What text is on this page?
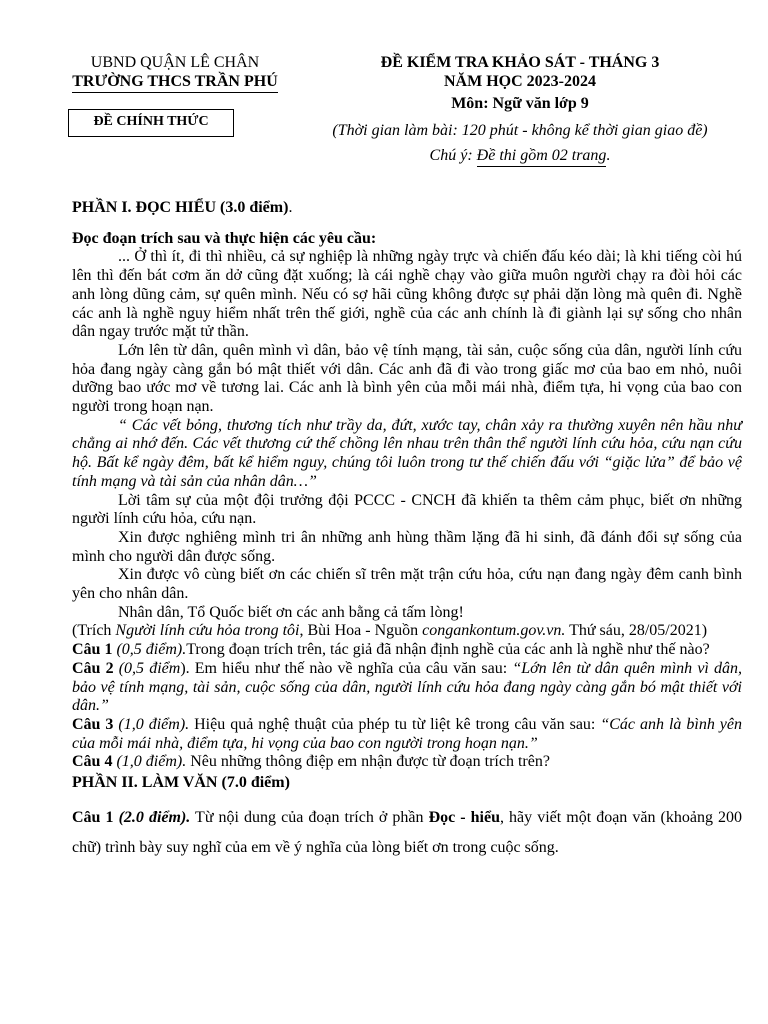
UBND QUẬN LÊ CHÂN
TRƯỜNG THCS TRẦN PHÚ
ĐỀ CHÍNH THỨC
ĐỀ KIỂM TRA KHẢO SÁT - THÁNG 3
NĂM HỌC 2023-2024
Môn: Ngữ văn lớp 9
(Thời gian làm bài: 120 phút - không kể thời gian giao đề)
Chú ý: Đề thi gồm 02 trang.

PHẦN I. ĐỌC HIỂU (3.0 điểm).

Đọc đoạn trích sau và thực hiện các yêu cầu:

... Ở thì ít, đi thì nhiều, cả sự nghiệp là những ngày trực và chiến đấu kéo dài; là khi tiếng còi hú lên thì đến bát cơm ăn dở cũng đặt xuống; là cái nghề chạy vào giữa muôn người chạy ra đòi hỏi các anh lòng dũng cảm, sự quên mình. Nếu có sợ hãi cũng không được sự phải dặn lòng mà quên đi. Nghề các anh là nghề nguy hiểm nhất trên thế giới, nghề của các anh chính là đi giành lại sự sống cho nhân dân ngay trước mặt tử thần.

Lớn lên từ dân, quên mình vì dân, bảo vệ tính mạng, tài sản, cuộc sống của dân, người lính cứu hỏa đang ngày càng gắn bó mật thiết với dân. Các anh đã đi vào trong giấc mơ của bao em nhỏ, nuôi dưỡng bao ước mơ về tương lai. Các anh là bình yên của mỗi mái nhà, điểm tựa, hi vọng của bao con người trong hoạn nạn.

“ Các vết bỏng, thương tích như trầy da, đứt, xước tay, chân xảy ra thường xuyên nên hầu như chẳng ai nhớ đến. Các vết thương cứ thế chồng lên nhau trên thân thể người lính cứu hỏa, cứu nạn cứu hộ. Bất kể ngày đêm, bất kể hiểm nguy, chúng tôi luôn trong tư thế chiến đấu với “giặc lửa” để bảo vệ tính mạng và tài sản của nhân dân…”

Lời tâm sự của một đội trưởng đội PCCC - CNCH đã khiến ta thêm cảm phục, biết ơn những người lính cứu hỏa, cứu nạn.

Xin được nghiêng mình tri ân những anh hùng thầm lặng đã hi sinh, đã đánh đổi sự sống của mình cho người dân được sống.

Xin được vô cùng biết ơn các chiến sĩ trên mặt trận cứu hỏa, cứu nạn đang ngày đêm canh bình yên cho nhân dân.

Nhân dân, Tổ Quốc biết ơn các anh bằng cả tấm lòng!

(Trích Người lính cứu hỏa trong tôi, Bùi Hoa - Nguồn congankontum.gov.vn. Thứ sáu, 28/05/2021)

Câu 1 (0,5 điểm).Trong đoạn trích trên, tác giả đã nhận định nghề của các anh là nghề như thế nào?

Câu 2 (0,5 điểm). Em hiểu như thế nào về nghĩa của câu văn sau: “Lớn lên từ dân quên mình vì dân, bảo vệ tính mạng, tài sản, cuộc sống của dân, người lính cứu hỏa đang ngày càng gắn bó mật thiết với dân.”

Câu 3 (1,0 điểm). Hiệu quả nghệ thuật của phép tu từ liệt kê trong câu văn sau: “Các anh là bình yên của mỗi mái nhà, điểm tựa, hi vọng của bao con người trong hoạn nạn.”

Câu 4 (1,0 điểm). Nêu những thông điệp em nhận được từ đoạn trích trên?

PHẦN II. LÀM VĂN (7.0 điểm)

Câu 1 (2.0 điểm). Từ nội dung của đoạn trích ở phần Đọc - hiểu, hãy viết một đoạn văn (khoảng 200 chữ) trình bày suy nghĩ của em về ý nghĩa của lòng biết ơn trong cuộc sống.
